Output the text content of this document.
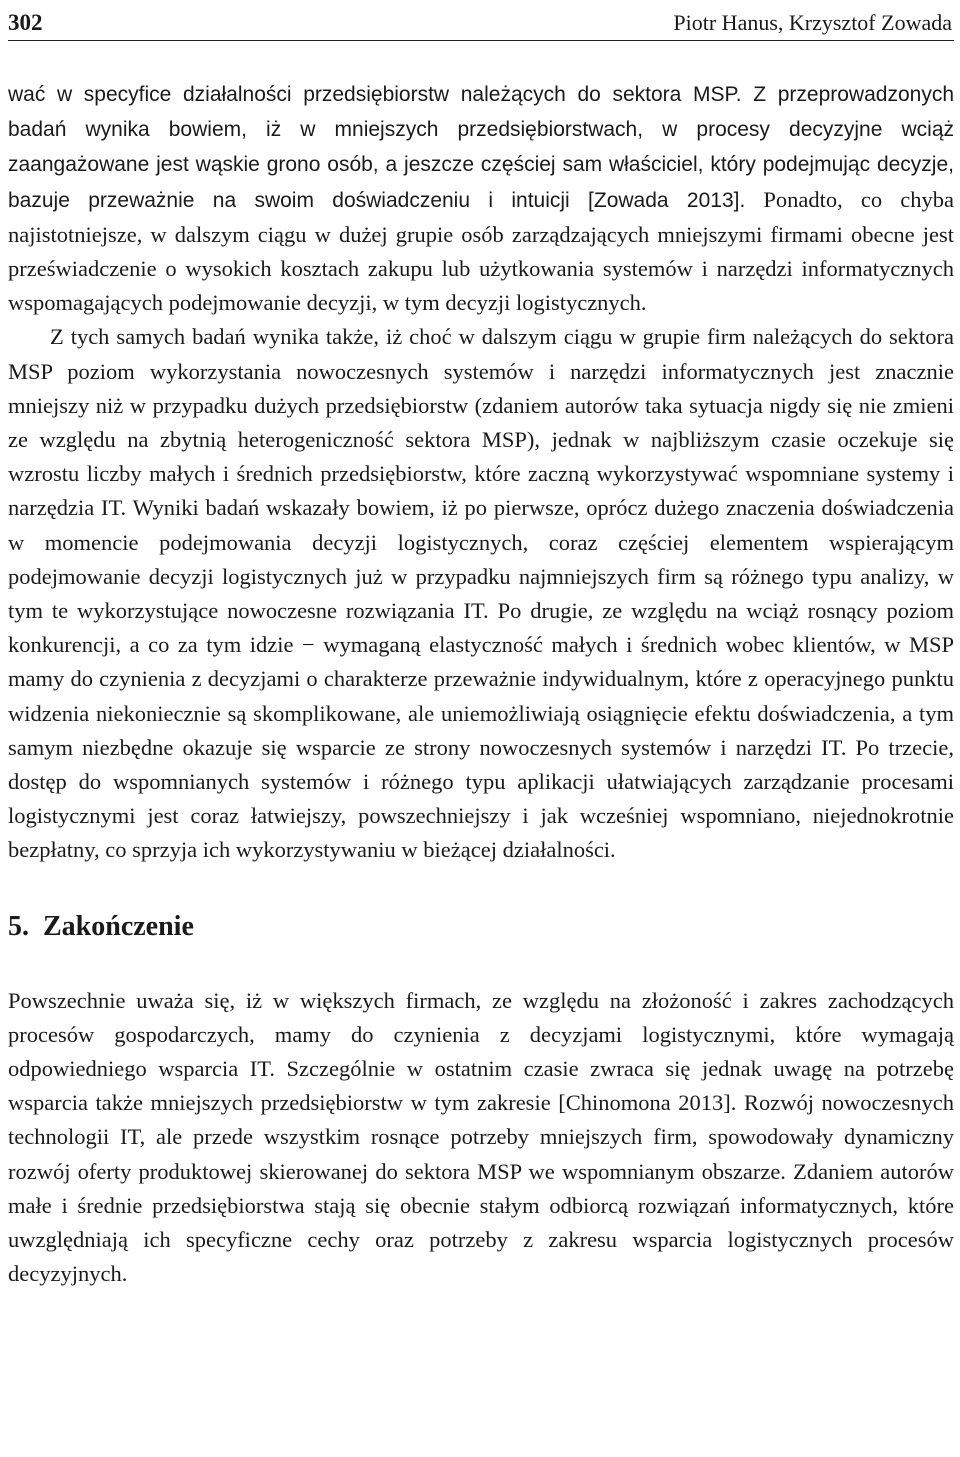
302	Piotr Hanus, Krzysztof Zowada

wać w specyfice działalności przedsiębiorstw należących do sektora MSP. Z przeprowadzonych badań wynika bowiem, iż w mniejszych przedsiębiorstwach, w procesy decyzyjne wciąż zaangażowane jest wąskie grono osób, a jeszcze częściej sam właściciel, który podejmując decyzje, bazuje przeważnie na swoim doświadczeniu i intuicji [Zowada 2013]. Ponadto, co chyba najistotniejsze, w dalszym ciągu w dużej grupie osób zarządzających mniejszymi firmami obecne jest przeświadczenie o wysokich kosztach zakupu lub użytkowania systemów i narzędzi informatycznych wspomagających podejmowanie decyzji, w tym decyzji logistycznych.

Z tych samych badań wynika także, iż choć w dalszym ciągu w grupie firm należących do sektora MSP poziom wykorzystania nowoczesnych systemów i narzędzi informatycznych jest znacznie mniejszy niż w przypadku dużych przedsiębiorstw (zdaniem autorów taka sytuacja nigdy się nie zmieni ze względu na zbytnią heterogeniczność sektora MSP), jednak w najbliższym czasie oczekuje się wzrostu liczby małych i średnich przedsiębiorstw, które zaczną wykorzystywać wspomniane systemy i narzędzia IT. Wyniki badań wskazały bowiem, iż po pierwsze, oprócz dużego znaczenia doświadczenia w momencie podejmowania decyzji logistycznych, coraz częściej elementem wspierającym podejmowanie decyzji logistycznych już w przypadku najmniejszych firm są różnego typu analizy, w tym te wykorzystujące nowoczesne rozwiązania IT. Po drugie, ze względu na wciąż rosnący poziom konkurencji, a co za tym idzie − wymaganą elastyczność małych i średnich wobec klientów, w MSP mamy do czynienia z decyzjami o charakterze przeważnie indywidualnym, które z operacyjnego punktu widzenia niekoniecznie są skomplikowane, ale uniemożliwiają osiągnięcie efektu doświadczenia, a tym samym niezbędne okazuje się wsparcie ze strony nowoczesnych systemów i narzędzi IT. Po trzecie, dostęp do wspomnianych systemów i różnego typu aplikacji ułatwiających zarządzanie procesami logistycznymi jest coraz łatwiejszy, powszechniejszy i jak wcześniej wspomniano, niejednokrotnie bezpłatny, co sprzyja ich wykorzystywaniu w bieżącej działalności.

5. Zakończenie

Powszechnie uważa się, iż w większych firmach, ze względu na złożoność i zakres zachodzących procesów gospodarczych, mamy do czynienia z decyzjami logistycznymi, które wymagają odpowiedniego wsparcia IT. Szczególnie w ostatnim czasie zwraca się jednak uwagę na potrzebę wsparcia także mniejszych przedsiębiorstw w tym zakresie [Chinomona 2013]. Rozwój nowoczesnych technologii IT, ale przede wszystkim rosnące potrzeby mniejszych firm, spowodowały dynamiczny rozwój oferty produktowej skierowanej do sektora MSP we wspomnianym obszarze. Zdaniem autorów małe i średnie przedsiębiorstwa stają się obecnie stałym odbiorcą rozwiązań informatycznych, które uwzględniają ich specyficzne cechy oraz potrzeby z zakresu wsparcia logistycznych procesów decyzyjnych.
